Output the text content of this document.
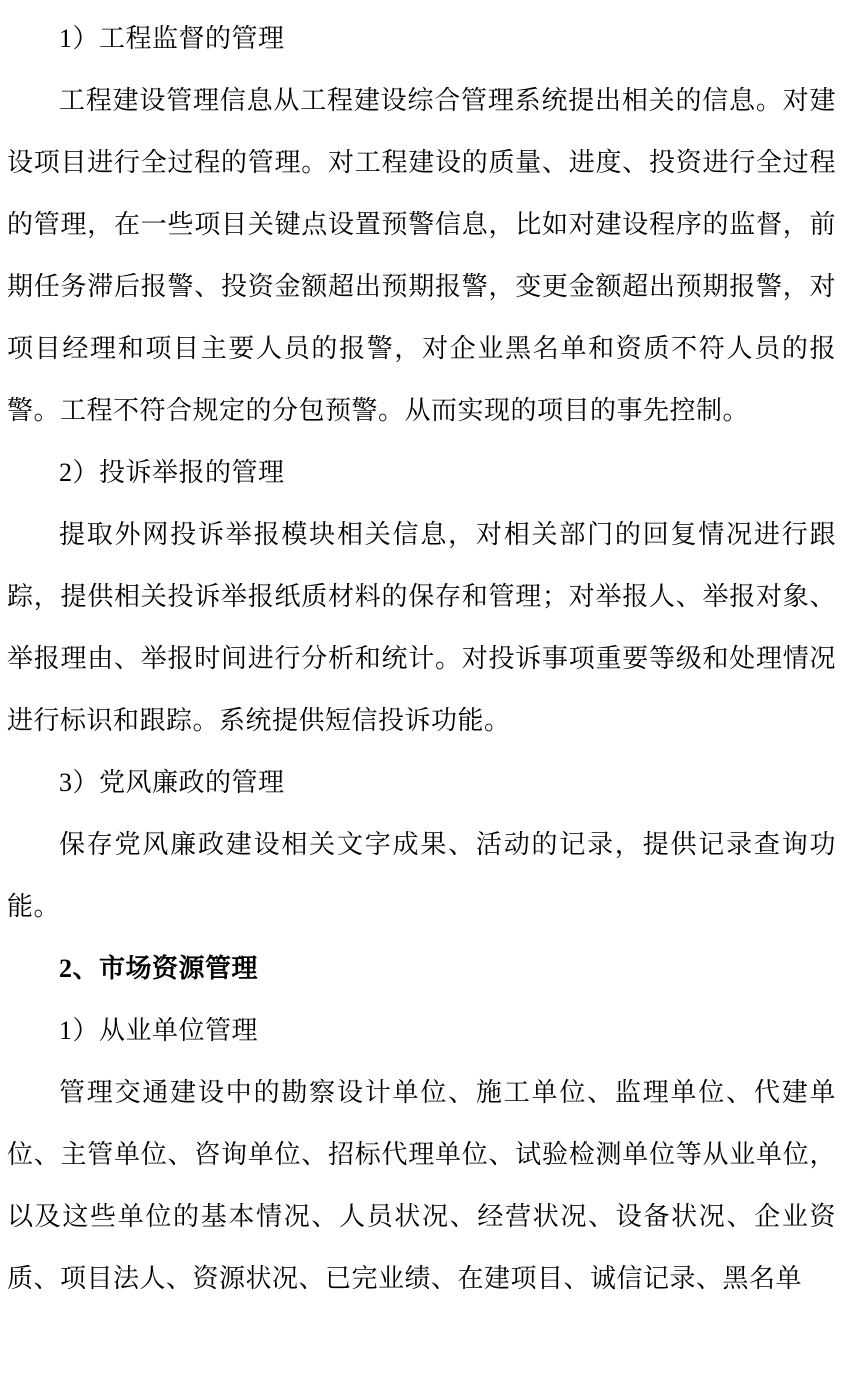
1）工程监督的管理

工程建设管理信息从工程建设综合管理系统提出相关的信息。对建设项目进行全过程的管理。对工程建设的质量、进度、投资进行全过程的管理，在一些项目关键点设置预警信息，比如对建设程序的监督，前期任务滞后报警、投资金额超出预期报警，变更金额超出预期报警，对项目经理和项目主要人员的报警，对企业黑名单和资质不符人员的报警。工程不符合规定的分包预警。从而实现的项目的事先控制。

2）投诉举报的管理

提取外网投诉举报模块相关信息，对相关部门的回复情况进行跟踪，提供相关投诉举报纸质材料的保存和管理；对举报人、举报对象、举报理由、举报时间进行分析和统计。对投诉事项重要等级和处理情况进行标识和跟踪。系统提供短信投诉功能。

3）党风廉政的管理

保存党风廉政建设相关文字成果、活动的记录，提供记录查询功能。

2、市场资源管理

1）从业单位管理

管理交通建设中的勘察设计单位、施工单位、监理单位、代建单位、主管单位、咨询单位、招标代理单位、试验检测单位等从业单位，以及这些单位的基本情况、人员状况、经营状况、设备状况、企业资质、项目法人、资源状况、已完业绩、在建项目、诚信记录、黑名单
